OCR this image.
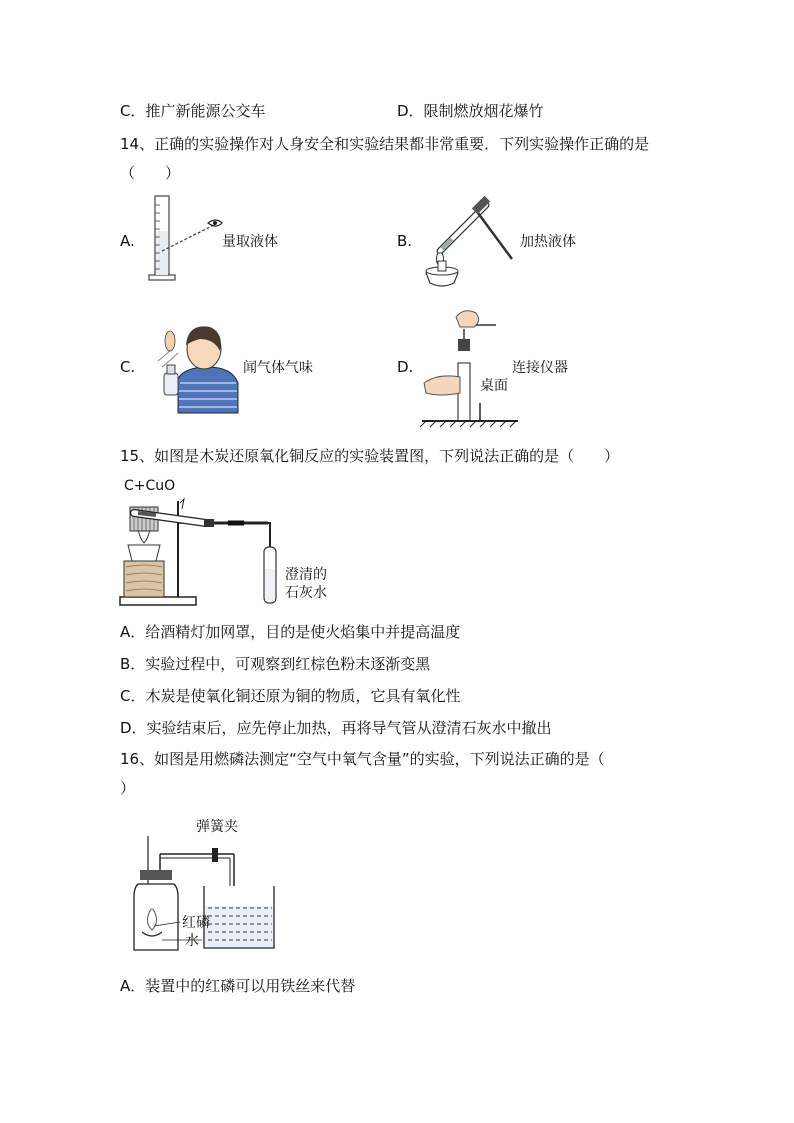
C．推广新能源公交车	D．限制燃放烟花爆竹
14、正确的实验操作对人身安全和实验结果都非常重要．下列实验操作正确的是
（　　）
A.	量取液体	B.	加热液体
C.	闻气体气味	D.
桌面
连接仪器
15、如图是木炭还原氧化铜反应的实验装置图，下列说法正确的是（　　）
C+CuO
澄清的
石灰水
A．给酒精灯加网罩，目的是使火焰集中并提高温度
B．实验过程中，可观察到红棕色粉末逐渐变黑
C．木炭是使氧化铜还原为铜的物质，它具有氧化性
D．实验结束后，应先停止加热，再将导气管从澄清石灰水中撤出
16、如图是用燃磷法测定“空气中氧气含量”的实验，下列说法正确的是（
）
弹簧夹
红磷
水
A．装置中的红磷可以用铁丝来代替
